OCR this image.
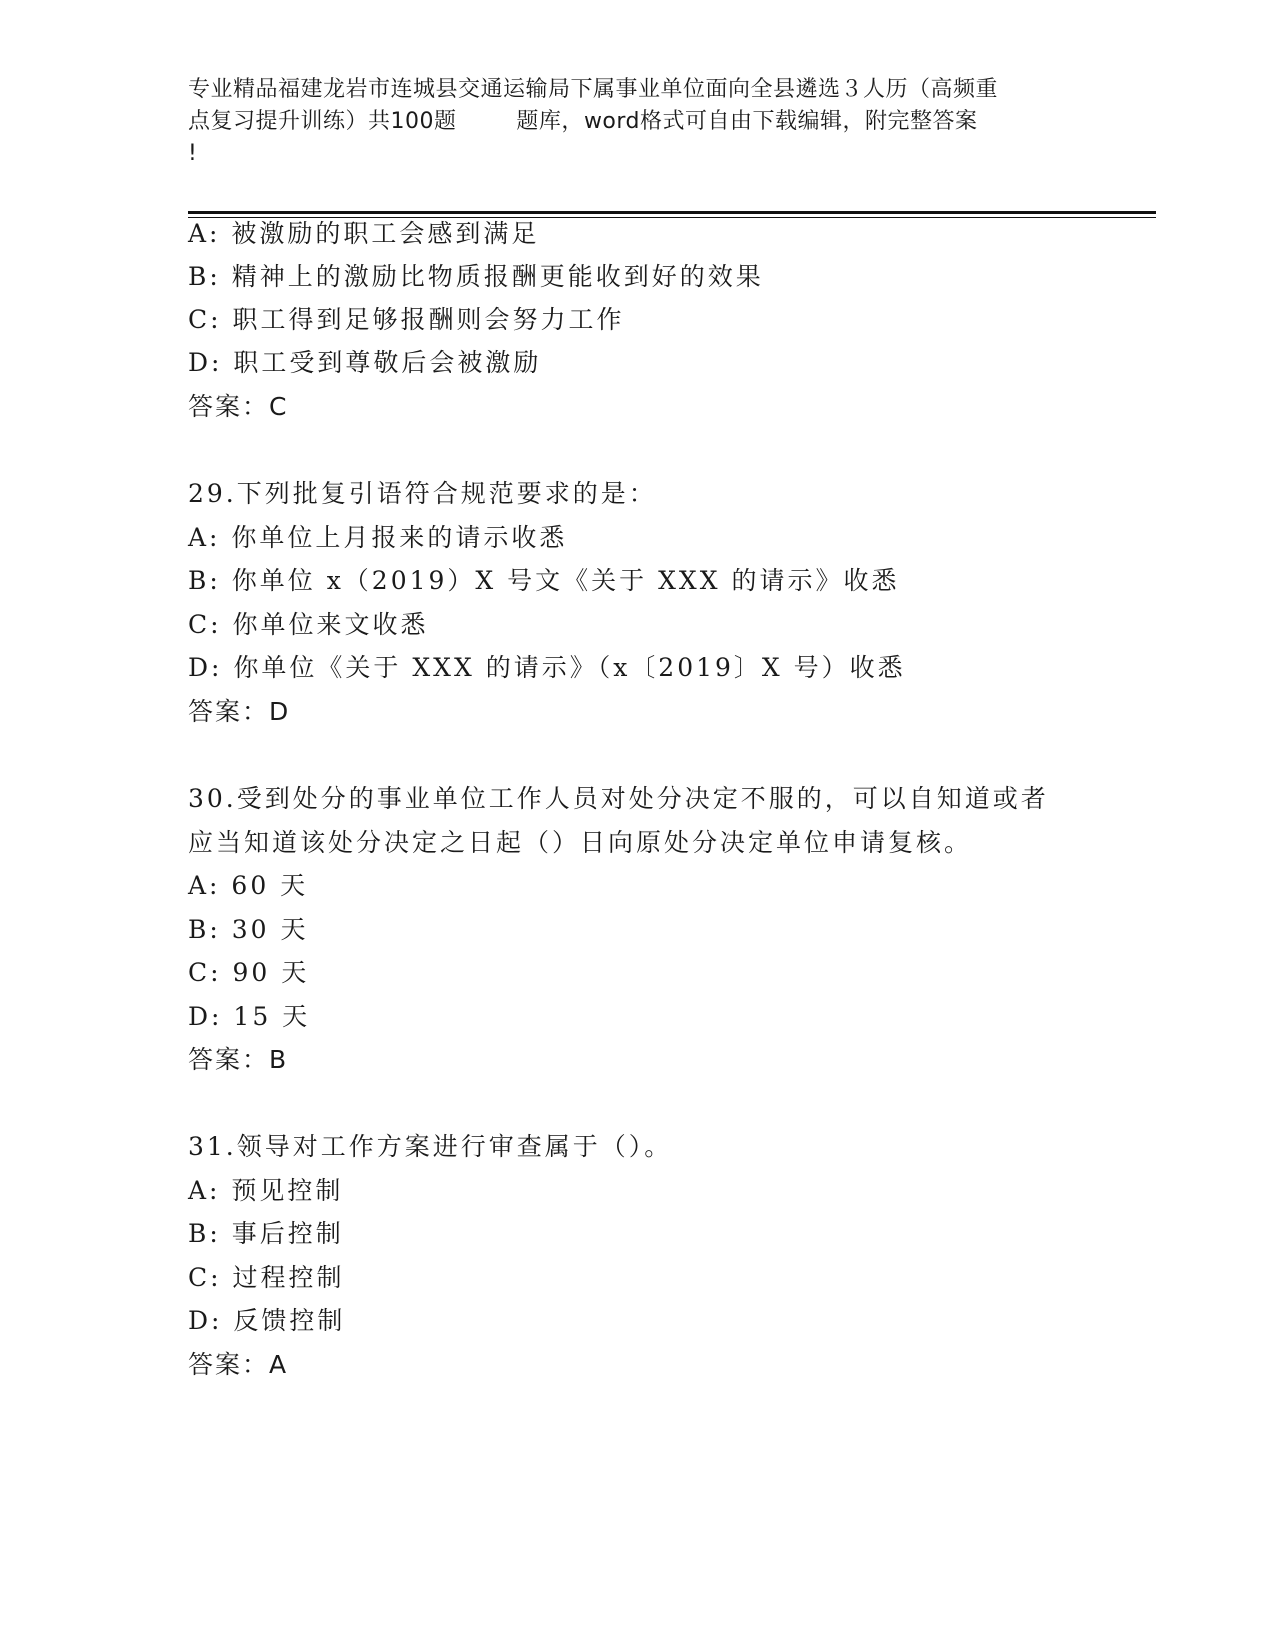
专业精品福建龙岩市连城县交通运输局下属事业单位面向全县遴选３人历（高频重
点复习提升训练）共100题        题库，word格式可自由下载编辑，附完整答案
!
A: 被激励的职工会感到满足
B: 精神上的激励比物质报酬更能收到好的效果
C: 职工得到足够报酬则会努力工作
D: 职工受到尊敬后会被激励
答案：C
29.下列批复引语符合规范要求的是：
A: 你单位上月报来的请示收悉
B: 你单位 x（2019）X 号文《关于 XXX 的请示》收悉
C: 你单位来文收悉
D: 你单位《关于 XXX 的请示》（x〔2019〕X 号）收悉
答案：D
30.受到处分的事业单位工作人员对处分决定不服的，可以自知道或者
应当知道该处分决定之日起（）日向原处分决定单位申请复核。
A: 60 天
B: 30 天
C: 90 天
D: 15 天
答案：B
31.领导对工作方案进行审查属于（）。
A: 预见控制
B: 事后控制
C: 过程控制
D: 反馈控制
答案：A
